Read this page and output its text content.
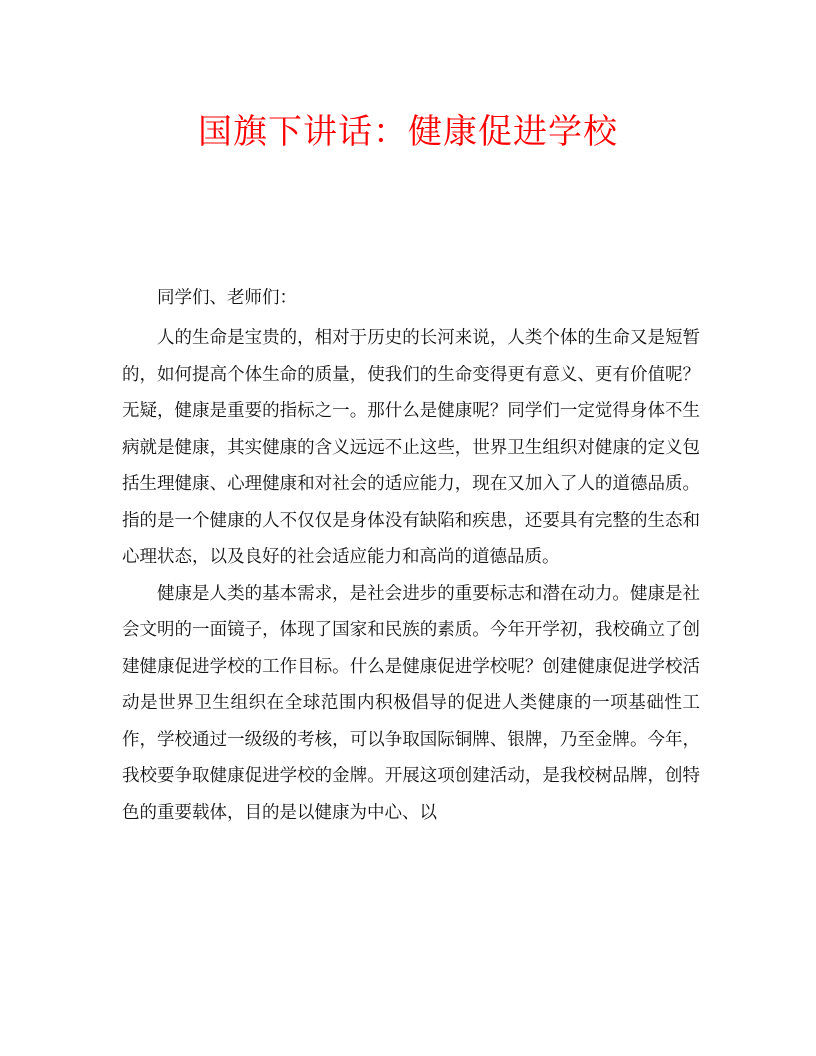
国旗下讲话：健康促进学校

同学们、老师们：

人的生命是宝贵的，相对于历史的长河来说，人类个体的生命又是短暂的，如何提高个体生命的质量，使我们的生命变得更有意义、更有价值呢？无疑，健康是重要的指标之一。那什么是健康呢？同学们一定觉得身体不生病就是健康，其实健康的含义远远不止这些，世界卫生组织对健康的定义包括生理健康、心理健康和对社会的适应能力，现在又加入了人的道德品质。指的是一个健康的人不仅仅是身体没有缺陷和疾患，还要具有完整的生态和心理状态，以及良好的社会适应能力和高尚的道德品质。

健康是人类的基本需求，是社会进步的重要标志和潜在动力。健康是社会文明的一面镜子，体现了国家和民族的素质。今年开学初，我校确立了创建健康促进学校的工作目标。什么是健康促进学校呢？创建健康促进学校活动是世界卫生组织在全球范围内积极倡导的促进人类健康的一项基础性工作，学校通过一级级的考核，可以争取国际铜牌、银牌，乃至金牌。今年，我校要争取健康促进学校的金牌。开展这项创建活动，是我校树品牌，创特色的重要载体，目的是以健康为中心、以
